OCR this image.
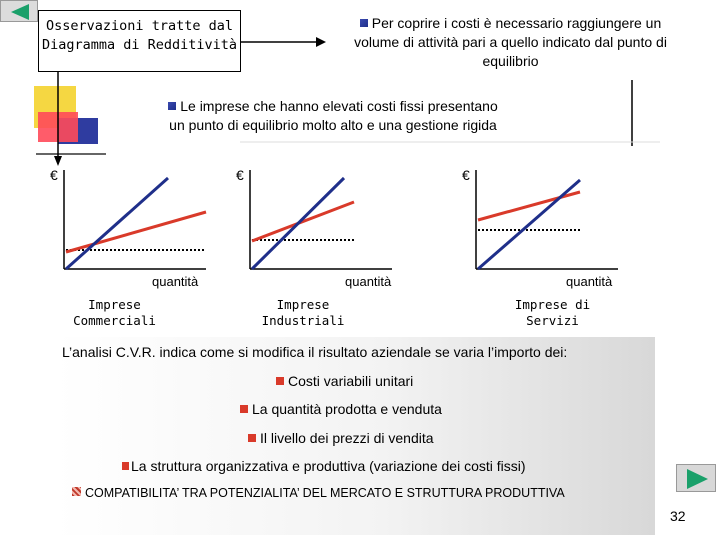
Osservazioni tratte dal
Diagramma di Redditività
Per coprire i costi è necessario raggiungere un
volume di attività pari a quello indicato dal punto di
equilibrio
Le imprese che hanno elevati costi fissi presentano
un punto di equilibrio molto alto e una gestione rigida
€
quantità
Imprese
Commerciali
€
quantità
Imprese
Industriali
€
quantità
Imprese di
Servizi
L’analisi C.V.R. indica come si modifica il risultato aziendale se varia l’importo dei:
Costi variabili unitari
La quantità prodotta e venduta
Il livello dei prezzi di vendita
La struttura organizzativa e produttiva (variazione dei costi fissi)
COMPATIBILITA’ TRA POTENZIALITA’ DEL MERCATO E STRUTTURA PRODUTTIVA
32
